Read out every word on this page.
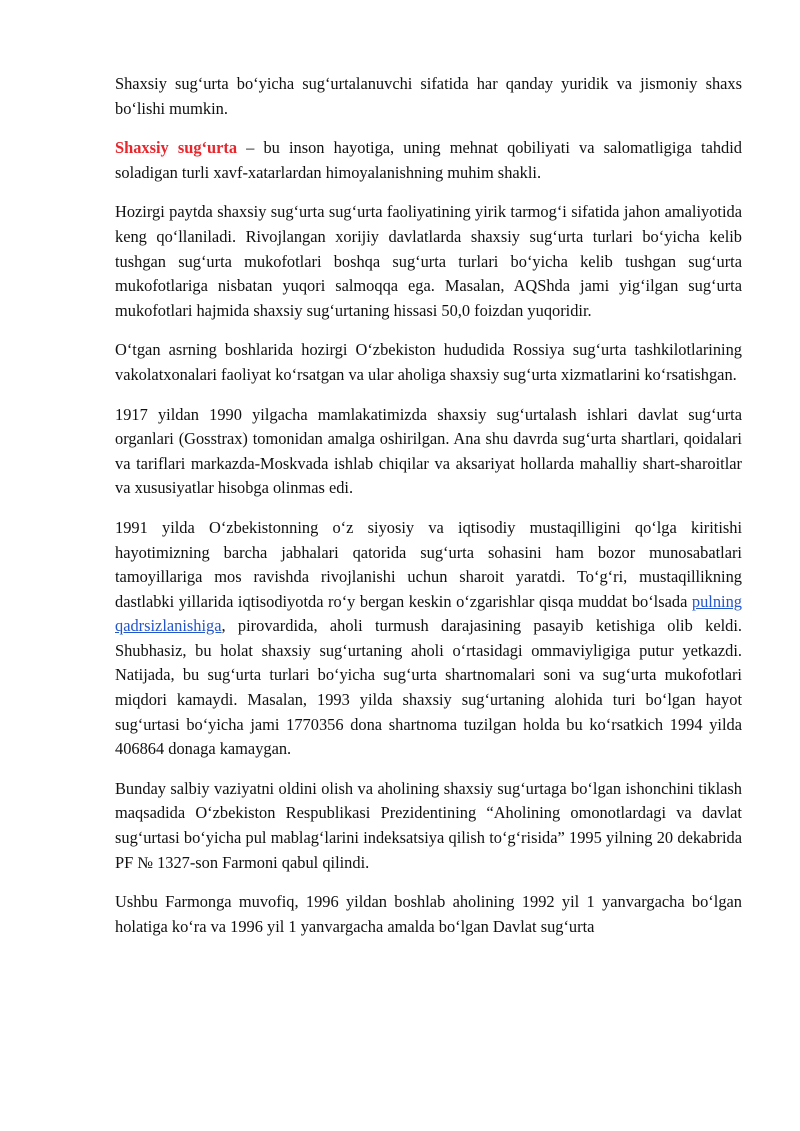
Shaxsiy sug‘urta bo‘yicha sug‘urtalanuvchi sifatida har qanday yuridik va jismoniy shaxs bo‘lishi mumkin.

Shaxsiy sug‘urta – bu inson hayotiga, uning mehnat qobiliyati va salomatligiga tahdid soladigan turli xavf-xatarlardan himoyalanishning muhim shakli.

Hozirgi paytda shaxsiy sug‘urta sug‘urta faoliyatining yirik tarmog‘i sifatida jahon amaliyotida keng qo‘llaniladi. Rivojlangan xorijiy davlatlarda shaxsiy sug‘urta turlari bo‘yicha kelib tushgan sug‘urta mukofotlari boshqa sug‘urta turlari bo‘yicha kelib tushgan sug‘urta mukofotlariga nisbatan yuqori salmoqqa ega. Masalan, AQShda jami yig‘ilgan sug‘urta mukofotlari hajmida shaxsiy sug‘urtaning hissasi 50,0 foizdan yuqoridir.

O‘tgan asrning boshlarida hozirgi O‘zbekiston hududida Rossiya sug‘urta tashkilotlarining vakolatxonalari faoliyat ko‘rsatgan va ular aholiga shaxsiy sug‘urta xizmatlarini ko‘rsatishgan.

1917 yildan 1990 yilgacha mamlakatimizda shaxsiy sug‘urtalash ishlari davlat sug‘urta organlari (Gosstrax) tomonidan amalga oshirilgan. Ana shu davrda sug‘urta shartlari, qoidalari va tariflari markazda-Moskvada ishlab chiqilar va aksariyat hollarda mahalliy shart-sharoitlar va xususiyatlar hisobga olinmas edi.

1991 yilda O‘zbekistonning o‘z siyosiy va iqtisodiy mustaqilligini qo‘lga kiritishi hayotimizning barcha jabhalari qatorida sug‘urta sohasini ham bozor munosabatlari tamoyillariga mos ravishda rivojlanishi uchun sharoit yaratdi. To‘g‘ri, mustaqillikning dastlabki yillarida iqtisodiyotda ro‘y bergan keskin o‘zgarishlar qisqa muddat bo‘lsada pulning qadrsizlanishiga, pirovardida, aholi turmush darajasining pasayib ketishiga olib keldi. Shubhasiz, bu holat shaxsiy sug‘urtaning aholi o‘rtasidagi ommaviyligiga putur yetkazdi. Natijada, bu sug‘urta turlari bo‘yicha sug‘urta shartnomalari soni va sug‘urta mukofotlari miqdori kamaydi. Masalan, 1993 yilda shaxsiy sug‘urtaning alohida turi bo‘lgan hayot sug‘urtasi bo‘yicha jami 1770356 dona shartnoma tuzilgan holda bu ko‘rsatkich 1994 yilda 406864 donaga kamaygan.

Bunday salbiy vaziyatni oldini olish va aholining shaxsiy sug‘urtaga bo‘lgan ishonchini tiklash maqsadida O‘zbekiston Respublikasi Prezidentining “Aholining omonotlardagi va davlat sug‘urtasi bo‘yicha pul mablag‘larini indeksatsiya qilish to‘g‘risida” 1995 yilning 20 dekabrida PF № 1327-son Farmoni qabul qilindi.

Ushbu Farmonga muvofiq, 1996 yildan boshlab aholining 1992 yil 1 yanvargacha bo‘lgan holatiga ko‘ra va 1996 yil 1 yanvargacha amalda bo‘lgan Davlat sug‘urta
